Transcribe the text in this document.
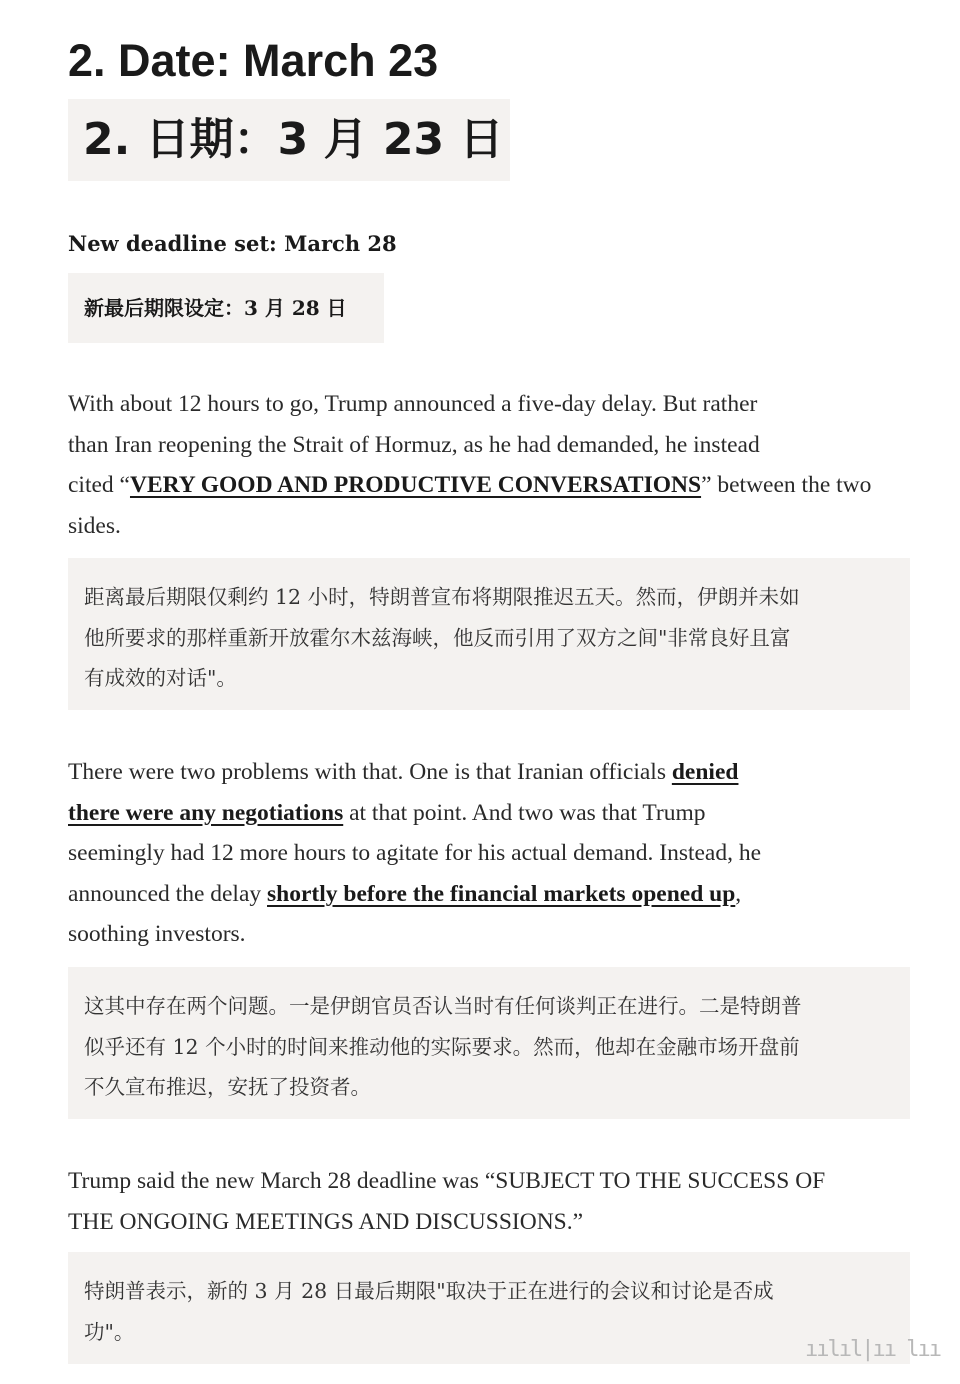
2. Date: March 23
2. 日期：3 月 23 日
New deadline set: March 28
新最后期限设定：3 月 28 日

With about 12 hours to go, Trump announced a five-day delay. But rather
than Iran reopening the Strait of Hormuz, as he had demanded, he instead
cited “VERY GOOD AND PRODUCTIVE CONVERSATIONS” between the two
sides.

距离最后期限仅剩约 12 小时，特朗普宣布将期限推迟五天。然而，伊朗并未如
他所要求的那样重新开放霍尔木兹海峡，他反而引用了双方之间"非常良好且富
有成效的对话"。

There were two problems with that. One is that Iranian officials denied
there were any negotiations at that point. And two was that Trump
seemingly had 12 more hours to agitate for his actual demand. Instead, he
announced the delay shortly before the financial markets opened up,
soothing investors.

这其中存在两个问题。一是伊朗官员否认当时有任何谈判正在进行。二是特朗普
似乎还有 12 个小时的时间来推动他的实际要求。然而，他却在金融市场开盘前
不久宣布推迟，安抚了投资者。

Trump said the new March 28 deadline was “SUBJECT TO THE SUCCESS OF
THE ONGOING MEETINGS AND DISCUSSIONS.”

特朗普表示，新的 3 月 28 日最后期限"取决于正在进行的会议和讨论是否成
功"。
ıılıl|ıı lıı
